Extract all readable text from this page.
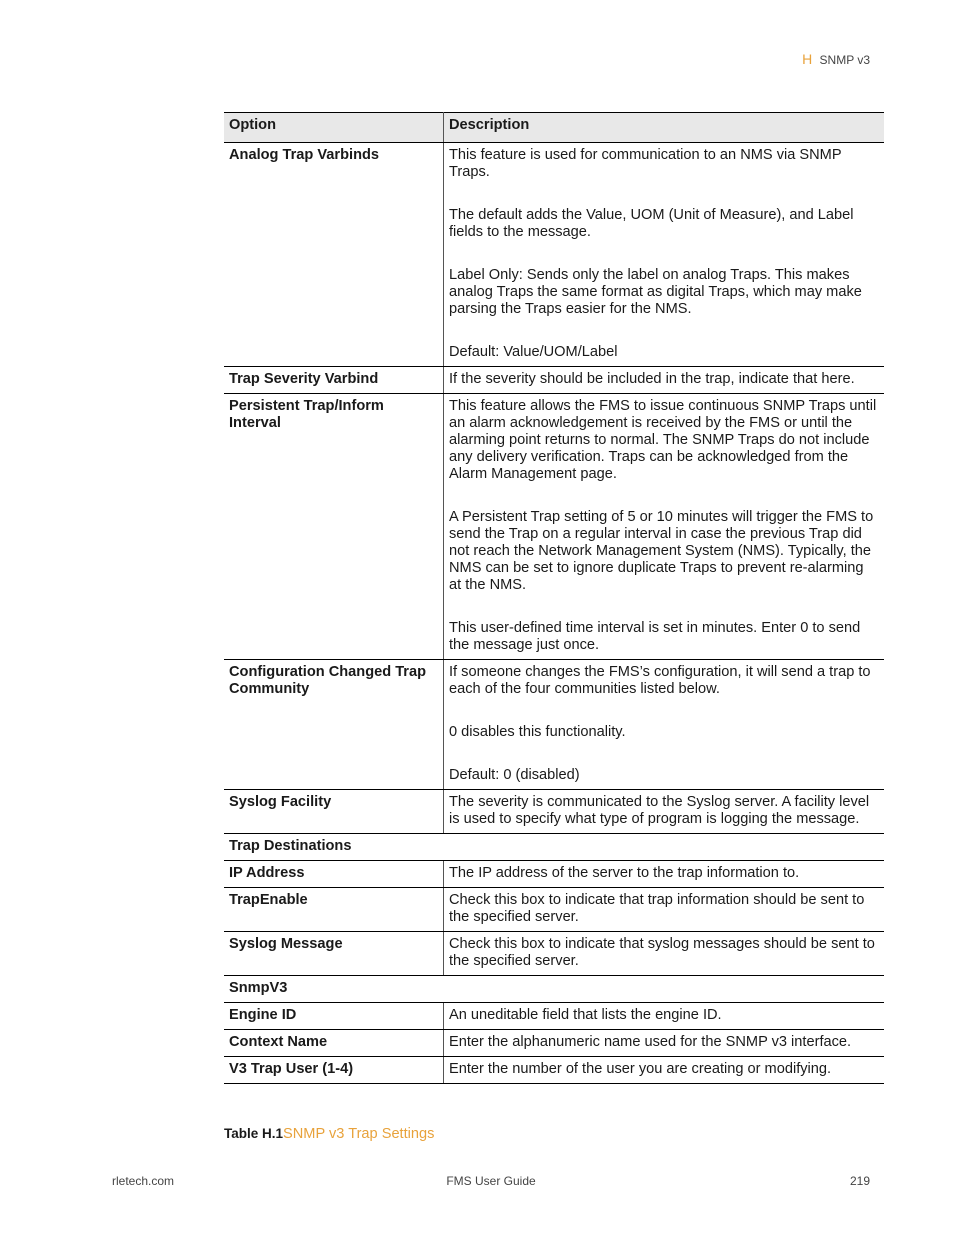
H SNMP v3
Option	Description
Analog Trap Varbinds	This feature is used for communication to an NMS via SNMP Traps.

The default adds the Value, UOM (Unit of Measure), and Label fields to the message.

Label Only: Sends only the label on analog Traps. This makes analog Traps the same format as digital Traps, which may make parsing the Traps easier for the NMS.

Default: Value/UOM/Label

Trap Severity Varbind	If the severity should be included in the trap, indicate that here.

Persistent Trap/Inform Interval	This feature allows the FMS to issue continuous SNMP Traps until an alarm acknowledgement is received by the FMS or until the alarming point returns to normal. The SNMP Traps do not include any delivery verification. Traps can be acknowledged from the Alarm Management page.

A Persistent Trap setting of 5 or 10 minutes will trigger the FMS to send the Trap on a regular interval in case the previous Trap did not reach the Network Management System (NMS). Typically, the NMS can be set to ignore duplicate Traps to prevent re-alarming at the NMS.

This user-defined time interval is set in minutes. Enter 0 to send the message just once.

Configuration Changed Trap Community	If someone changes the FMS’s configuration, it will send a trap to each of the four communities listed below.

0 disables this functionality.

Default: 0 (disabled)

Syslog Facility	The severity is communicated to the Syslog server. A facility level is used to specify what type of program is logging the message.

Trap Destinations	
IP Address	The IP address of the server to the trap information to.

TrapEnable	Check this box to indicate that trap information should be sent to the specified server.

Syslog Message	Check this box to indicate that syslog messages should be sent to the specified server.

SnmpV3	
Engine ID	An uneditable field that lists the engine ID.

Context Name	Enter the alphanumeric name used for the SNMP v3 interface.

V3 Trap User (1-4)	Enter the number of the user you are creating or modifying.

Table H.1SNMP v3 Trap Settings
rletech.com	FMS User Guide	219
